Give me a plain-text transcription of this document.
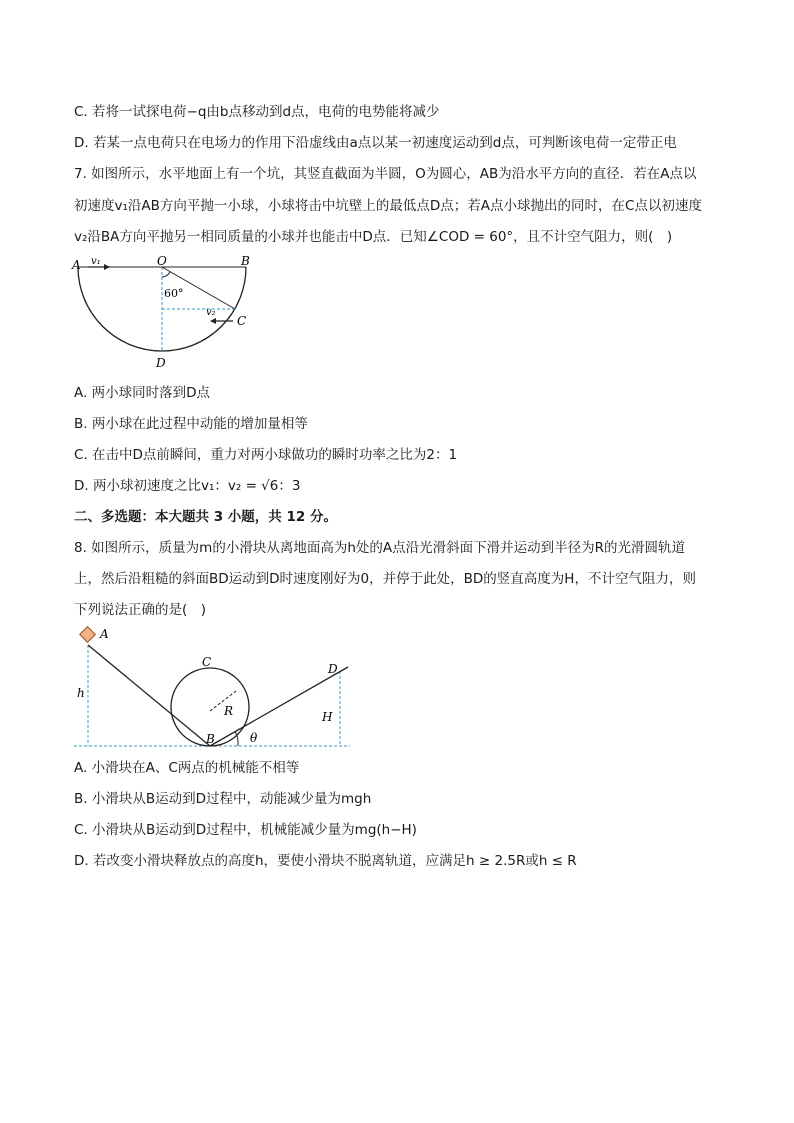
C. 若将一试探电荷−q由b点移动到d点，电荷的电势能将减少
D. 若某一点电荷只在电场力的作用下沿虚线由a点以某一初速度运动到d点，可判断该电荷一定带正电
7. 如图所示，水平地面上有一个坑，其竖直截面为半圆，O为圆心，AB为沿水平方向的直径．若在A点以
初速度v₁沿AB方向平抛一小球，小球将击中坑壁上的最低点D点；若A点小球抛出的同时，在C点以初速度
v₂沿BA方向平抛另一相同质量的小球并也能击中D点．已知∠COD = 60°，且不计空气阻力，则(　)
A v₁	O	B
60°
v₂
C
D
A. 两小球同时落到D点
B. 两小球在此过程中动能的增加量相等
C. 在击中D点前瞬间，重力对两小球做功的瞬时功率之比为2：1
D. 两小球初速度之比v₁：v₂ = √6：3
二、多选题：本大题共 3 小题，共 12 分。
8. 如图所示，质量为m的小滑块从离地面高为h处的A点沿光滑斜面下滑并运动到半径为R的光滑圆轨道
上，然后沿粗糙的斜面BD运动到D时速度刚好为0，并停于此处，BD的竖直高度为H，不计空气阻力，则
下列说法正确的是(　)
A
h
C
R
B
D
H
θ
A. 小滑块在A、C两点的机械能不相等
B. 小滑块从B运动到D过程中，动能减少量为mgh
C. 小滑块从B运动到D过程中，机械能减少量为mg(h−H)
D. 若改变小滑块释放点的高度h，要使小滑块不脱离轨道，应满足h ≥ 2.5R或h ≤ R
